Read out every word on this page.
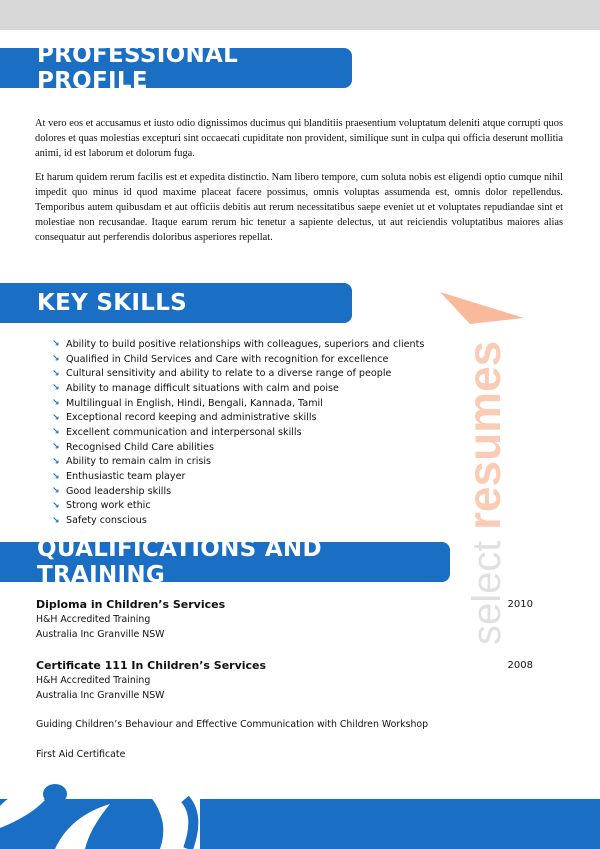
PROFESSIONAL PROFILE

At vero eos et accusamus et iusto odio dignissimos ducimus qui blanditiis praesentium voluptatum deleniti atque corrupti quos dolores et quas molestias excepturi sint occaecati cupiditate non provident, similique sunt in culpa qui officia deserunt mollitia animi, id est laborum et dolorum fuga.

Et harum quidem rerum facilis est et expedita distinctio. Nam libero tempore, cum soluta nobis est eligendi optio cumque nihil impedit quo minus id quod maxime placeat facere possimus, omnis voluptas assumenda est, omnis dolor repellendus. Temporibus autem quibusdam et aut officiis debitis aut rerum necessitatibus saepe eveniet ut et voluptates repudiandae sint et molestiae non recusandae. Itaque earum rerum hic tenetur a sapiente delectus, ut aut reiciendis voluptatibus maiores alias consequatur aut perferendis doloribus asperiores repellat.

KEY SKILLS
resumes
select
↘ Ability to build positive relationships with colleagues, superiors and clients
↘ Qualified in Child Services and Care with recognition for excellence
↘ Cultural sensitivity and ability to relate to a diverse range of people
↘ Ability to manage difficult situations with calm and poise
↘ Multilingual in English, Hindi, Bengali, Kannada, Tamil
↘ Exceptional record keeping and administrative skills
↘ Excellent communication and interpersonal skills
↘ Recognised Child Care abilities
↘ Ability to remain calm in crisis
↘ Enthusiastic team player
↘ Good leadership skills
↘ Strong work ethic
↘ Safety conscious
QUALIFICATIONS AND TRAINING
Diploma in Children’s Services	2010
H&H Accredited Training
Australia Inc Granville NSW
Certificate 111 In Children’s Services	2008
H&H Accredited Training
Australia Inc Granville NSW
Guiding Children’s Behaviour and Effective Communication with Children Workshop
First Aid Certificate
